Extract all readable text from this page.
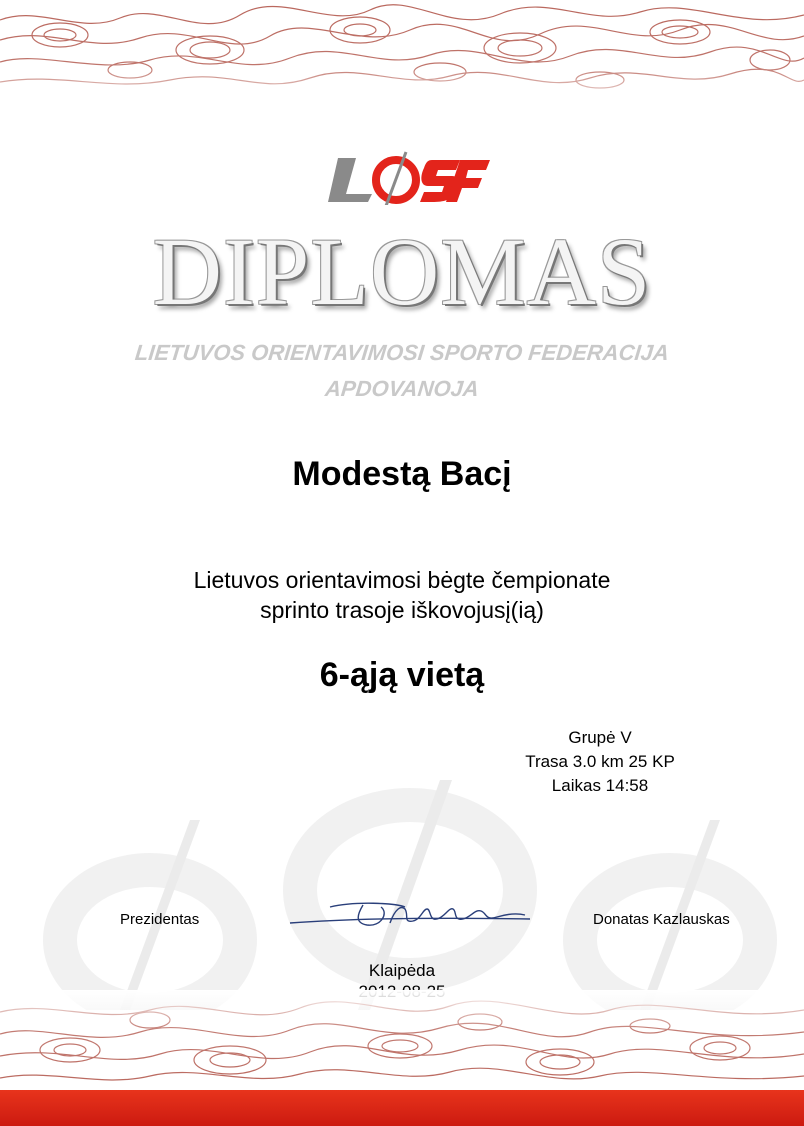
DIPLOMAS
LIETUVOS ORIENTAVIMOSI SPORTO FEDERACIJA
APDOVANOJA
Modestą Bacį
Lietuvos orientavimosi bėgte čempionate
sprinto trasoje iškovojusį(ią)
6-ąją vietą
Grupė V
Trasa 3.0 km 25 KP
Laikas 14:58
Prezidentas	Donatas Kazlauskas
Klaipėda
